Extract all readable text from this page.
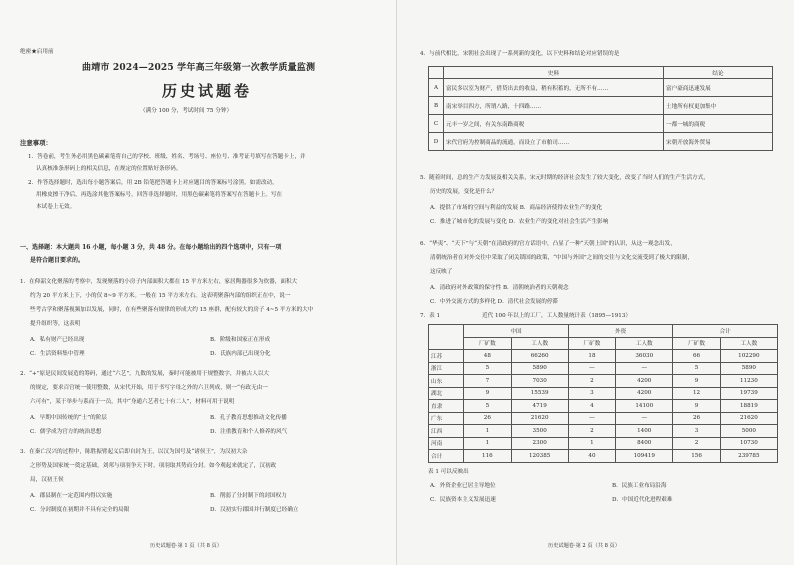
绝密★启用前
曲靖市 2024—2025 学年高三年级第一次教学质量监测
历史试题卷
（满分 100 分，考试时间 75 分钟）
注意事项：
1．答卷前，考生务必用黑色碳素笔将自己的学校、班级、姓名、考场号、座位号、准考证号填写在答题卡上，并
认真核准条形码上的相关信息，在规定的位置贴好条形码。
2．作答选择题时，选出每小题答案后，用 2B 铅笔把答题卡上对应题目的答案标号涂黑。如需改动，
用橡皮擦干净后，再选涂其他答案标号。回答非选择题时，用黑色碳素笔将答案写在答题卡上。写在
本试卷上无效。
一、选择题：本大题共 16 小题，每小题 3 分，共 48 分。在每小题给出的四个选项中，只有一项
是符合题目要求的。
1．在仰韶文化聚落的考察中，发现聚落的小房子内部面积大都在 15 平方米左右，家居陶器很多为炊器，面积大
约为 20 平方米上下，小的仅 8~9 平方米。一般在 15 平方米左右。这表明聚落内部的组织正在中，说一
些考古学和聚落视频加以发展，同时，在有些聚落有规律的形成大约 15 座群，配有较大的房子 4~5 平方米的大中
提升组织等，这表明
A．私有财产已经出现	B．阶级和国家正在形成
C．生活资料集中管理	D．氏族内部已出现分化
2．“+”原是民间发展造的筹码，通过“六艺”，九数的发展，秦时可能被用于规整数字，并被古人以大
的规定，要求百官统一使用整数，从宋代开始，用于书写字母之外的六卫列成，则一“有政无由一
六可有”，某于举步与系而于一员，其中“身通六艺者七十有二人”，材料可用于说明
A．早期中国传统的“士”的阶层	B．孔子教育思想推动文化传播
C．儒学成为官方的统治思想	D．注重教育和个人修养的风气
3．在秦亡汉兴的过程中，陈胜振臂起义后即自封为王，以汉为国号及“诸侯王”，为汉初大杂
之形势及国家统一奠定基础，刘邦与项羽争天下时，项羽取其势而分封。如今观起来就定了，汉初政
局，汉初王侯
A．郡县制在一定范围内得以实施	B．削弱了分封制下的封国权力
C．分封制度在初期并不具有完全的局限	D．汉初实行郡国并行制度已经确立
历史试题卷·第 1 页（共 8 页）
4．与前代相比，宋朝社会出现了一系列新的变化，以下史料和结论对应错误的是
	史料	结论
A	富民多以室为财产，借贷出去的收益，稍有积蓄的，无所不有……	富户豪商迅速发展
B	南宋举目四方，所谓八路，十四路……	土地所有权更加集中
C	元丰一岁之间，有关东南路商税	一都一城的商税
D	宋代官府为控制商品的流通，而设立了市舶司……	宋朝开放海外贸易
5．随着时间，总的生产力发展及相关关系，宋元时期的经济社会发生了较大变化，改变了当时人们的生产生活方式，
历史的发展，变化是什么？
A．提供了市场的空间与利益的发展 B．商品经济使得农业生产的变化
C．推进了城市化的发展与变化 D．农业生产的变化对社会生活产生影响
6．“华夷”、“天下”与“天朝”在清政府的官方话语中，凸显了一种“天朝上国”的认识，从这一观念出发，
清朝统治者在对外交往中采取了闭关锁国的政策，“中国与外国”之间的交往与文化交流受到了极大的限制，
这反映了
A．清政府对外政策的保守性 B．清朝统治者的天朝观念
C．中外交流方式的多样化 D．清代社会发展的停滞
7．表 1	近代 100 年以上的工厂，工人数量统计表（1895—1913）
	中国		外资		合计	
	厂矿数	工人数	厂矿数	工人数	厂矿数	工人数
江苏	48	66260	18	36030	66	102290
浙江	5	5890	—	—	5	5890
山东	7	7030	2	4200	9	11230
湖北	9	15539	3	4200	12	19739
直隶	5	4719	4	14100	9	18819
广东	26	21620	—	—	26	21620
江西	1	3500	2	1400	3	5000
河南	1	2300	1	8400	2	10730
合计	116	120385	40	109419	156	239785
表 1 可以反映出
A．外资企业已居主导地位	B．民族工业布局沿海
C．民族资本主义发展迅速	D．中国近代化进程艰难
历史试题卷·第 2 页（共 8 页）
